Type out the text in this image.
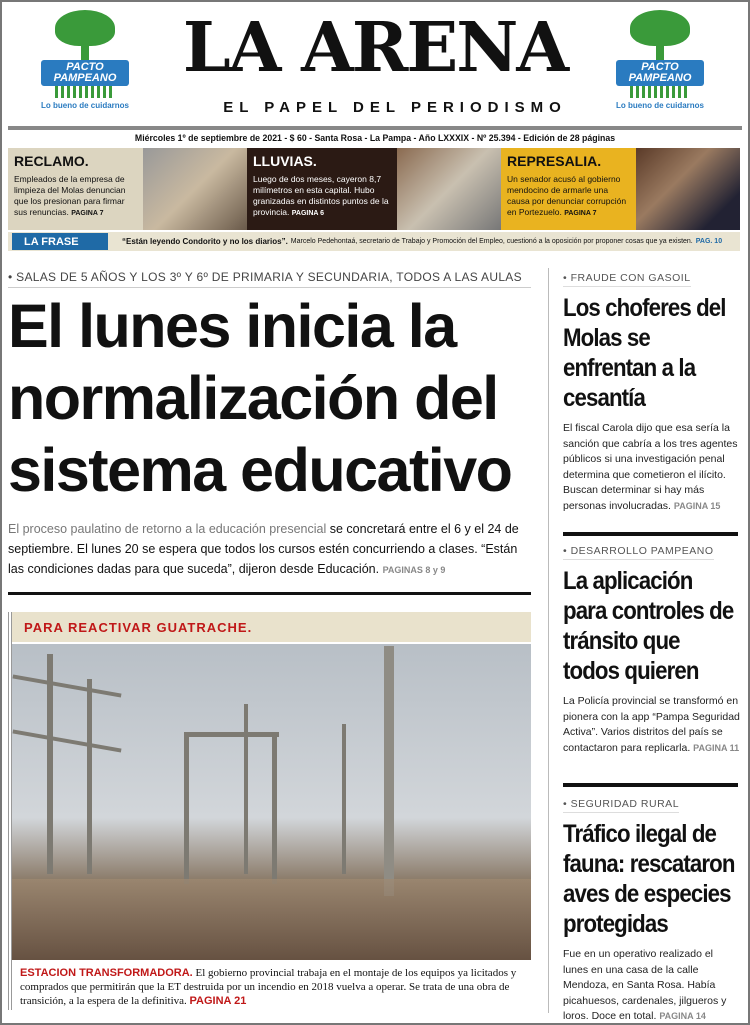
PACTO
PAMPEANO
Lo bueno de cuidarnos
PACTO
PAMPEANO
Lo bueno de cuidarnos
LA ARENA
EL PAPEL DEL PERIODISMO
Miércoles 1º de septiembre de 2021 - $ 60 - Santa Rosa - La Pampa - Año LXXXIX - Nº 25.394 - Edición de 28 páginas
RECLAMO.
Empleados de la empresa de limpieza del Molas denuncian que los presionan para firmar sus renuncias. PAGINA 7
LLUVIAS.
Luego de dos meses, cayeron 8,7 milímetros en esta capital. Hubo granizadas en distintos puntos de la provincia. PAGINA 6
REPRESALIA.
Un senador acusó al gobierno mendocino de armarle una causa por denunciar corrupción en Portezuelo. PAGINA 7
LA FRASE	“Están leyendo Condorito y no los diarios”. Marcelo Pedehontaá, secretario de Trabajo y Promoción del Empleo, cuestionó a la oposición por proponer cosas que ya existen. PAG. 10
• SALAS DE 5 AÑOS Y LOS 3º Y 6º DE PRIMARIA Y SECUNDARIA, TODOS A LAS AULAS
El lunes inicia la
normalización del
sistema educativo
El proceso paulatino de retorno a la educación presencial se concretará entre el 6 y el 24 de septiembre. El lunes 20 se espera que todos los cursos estén concurriendo a clases. “Están las condiciones dadas para que suceda”, dijeron desde Educación. PAGINAS 8 y 9
PARA REACTIVAR GUATRACHE.
ESTACION TRANSFORMADORA. El gobierno provincial trabaja en el montaje de los equipos ya licitados y comprados que permitirán que la ET destruida por un incendio en 2018 vuelva a operar. Se trata de una obra de transición, a la espera de la definitiva. PAGINA 21
• FRAUDE CON GASOIL
Los choferes del Molas se enfrentan a la cesantía

El fiscal Carola dijo que esa sería la sanción que cabría a los tres agentes públicos si una investigación penal determina que cometieron el ilícito. Buscan determinar si hay más personas involucradas. PAGINA 15

• DESARROLLO PAMPEANO
La aplicación para controles de tránsito que todos quieren

La Policía provincial se transformó en pionera con la app “Pampa Seguridad Activa”. Varios distritos del país se contactaron para replicarla. PAGINA 11

• SEGURIDAD RURAL
Tráfico ilegal de fauna: rescataron aves de especies protegidas

Fue en un operativo realizado el lunes en una casa de la calle Mendoza, en Santa Rosa. Había picahuesos, cardenales, jilgueros y loros. Doce en total. PAGINA 14
